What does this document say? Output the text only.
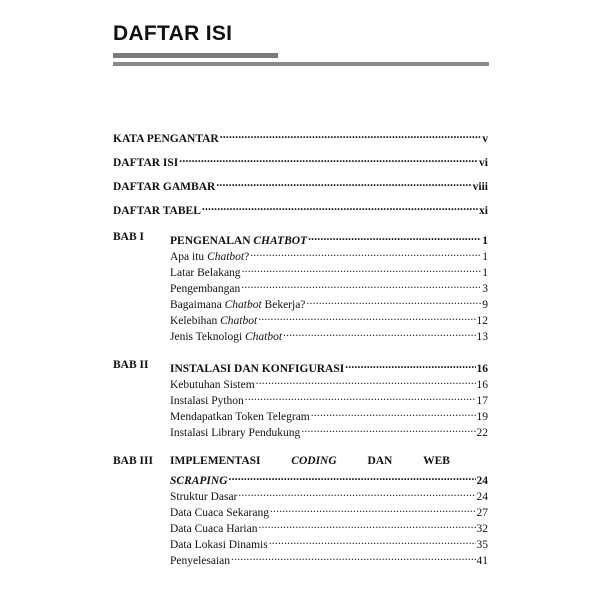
DAFTAR ISI
KATA PENGANTAR .....	v
DAFTAR ISI .....	vi
DAFTAR GAMBAR .....	viii
DAFTAR TABEL .....	xi
BAB I PENGENALAN CHATBOT .....	1
Apa itu Chatbot? .....	1
Latar Belakang .....	1
Pengembangan .....	3
Bagaimana Chatbot Bekerja? .....	9
Kelebihan Chatbot .....	12
Jenis Teknologi Chatbot .....	13
BAB II INSTALASI DAN KONFIGURASI .....	16
Kebutuhan Sistem .....	16
Instalasi Python .....	17
Mendapatkan Token Telegram .....	19
Instalasi Library Pendukung .....	22
BAB III IMPLEMENTASI	CODING	DAN	WEB
SCRAPING .....	24
Struktur Dasar .....	24
Data Cuaca Sekarang .....	27
Data Cuaca Harian .....	32
Data Lokasi Dinamis .....	35
Penyelesaian .....	41
